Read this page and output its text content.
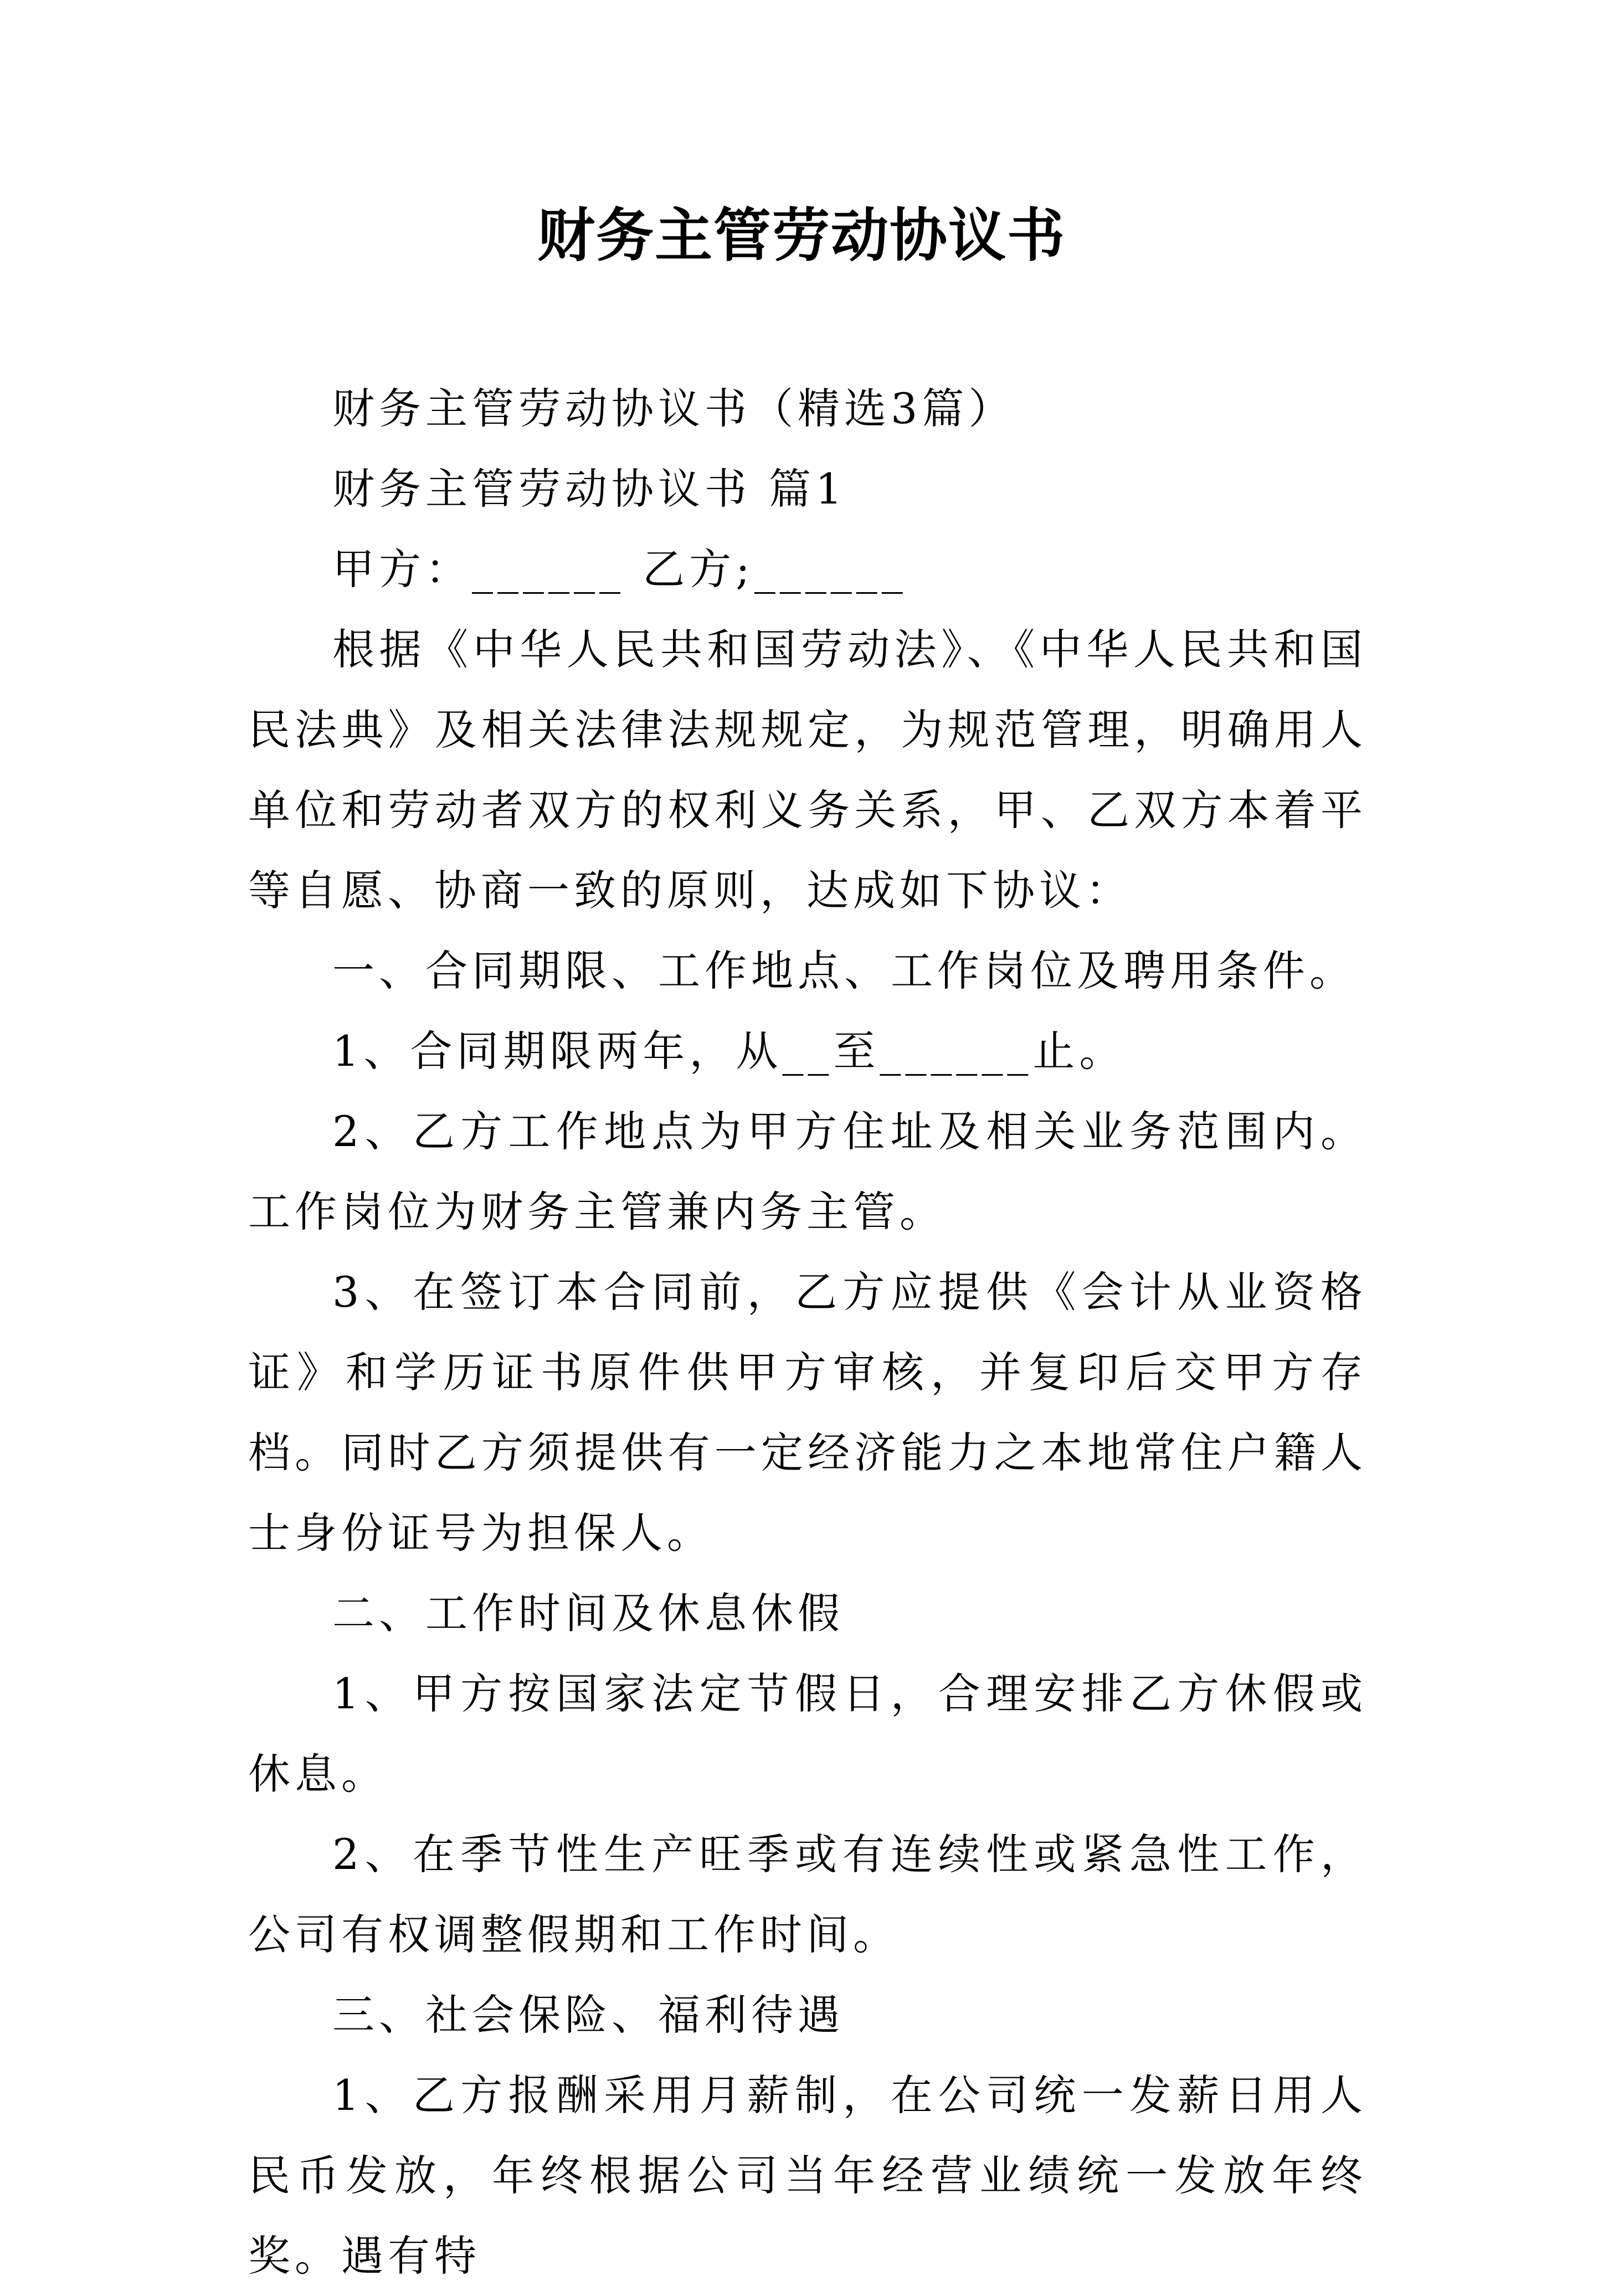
财务主管劳动协议书

财务主管劳动协议书（精选3篇）

财务主管劳动协议书 篇1

甲方：______ 乙方;______

根据《中华人民共和国劳动法》、《中华人民共和国民法典》及相关法律法规规定，为规范管理，明确用人单位和劳动者双方的权利义务关系，甲、乙双方本着平等自愿、协商一致的原则，达成如下协议：

一、合同期限、工作地点、工作岗位及聘用条件。

1、合同期限两年，从__至______止。

2、乙方工作地点为甲方住址及相关业务范围内。工作岗位为财务主管兼内务主管。

3、在签订本合同前，乙方应提供《会计从业资格证》和学历证书原件供甲方审核，并复印后交甲方存档。同时乙方须提供有一定经济能力之本地常住户籍人士身份证号为担保人。

二、工作时间及休息休假

1、甲方按国家法定节假日，合理安排乙方休假或休息。

2、在季节性生产旺季或有连续性或紧急性工作，公司有权调整假期和工作时间。

三、社会保险、福利待遇

1、乙方报酬采用月薪制，在公司统一发薪日用人民币发放，年终根据公司当年经营业绩统一发放年终奖。遇有特
